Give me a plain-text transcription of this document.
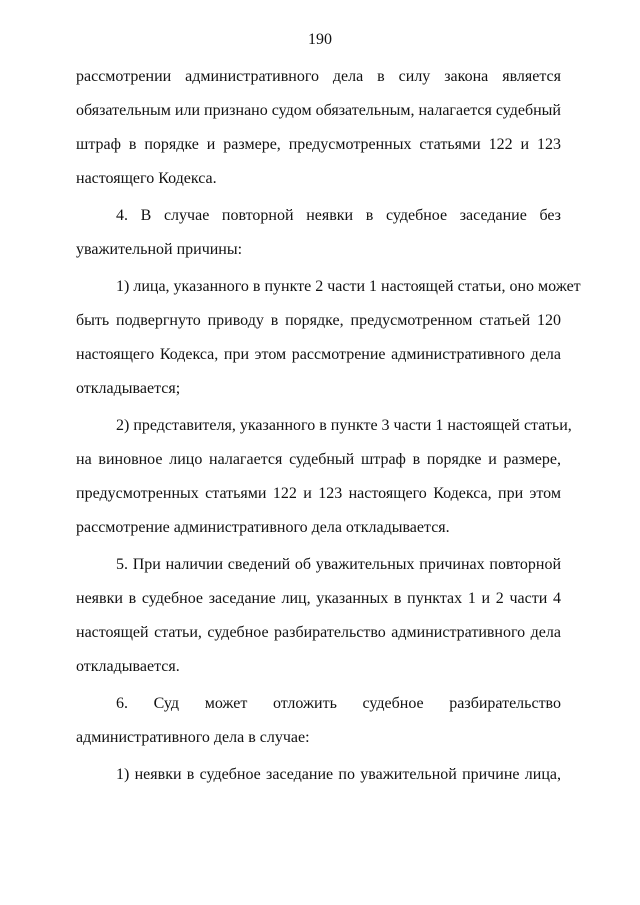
190

рассмотрении административного дела в силу закона является
обязательным или признано судом обязательным, налагается судебный
штраф в порядке и размере, предусмотренных статьями 122 и 123
настоящего Кодекса.

4. В случае повторной неявки в судебное заседание без
уважительной причины:

1) лица, указанного в пункте 2 части 1 настоящей статьи, оно может
быть подвергнуто приводу в порядке, предусмотренном статьей 120
настоящего Кодекса, при этом рассмотрение административного дела
откладывается;

2) представителя, указанного в пункте 3 части 1 настоящей статьи,
на виновное лицо налагается судебный штраф в порядке и размере,
предусмотренных статьями 122 и 123 настоящего Кодекса, при этом
рассмотрение административного дела откладывается.

5. При наличии сведений об уважительных причинах повторной
неявки в судебное заседание лиц, указанных в пунктах 1 и 2 части 4
настоящей статьи, судебное разбирательство административного дела
откладывается.

6. Суд может отложить судебное разбирательство
административного дела в случае:

1) неявки в судебное заседание по уважительной причине лица,
